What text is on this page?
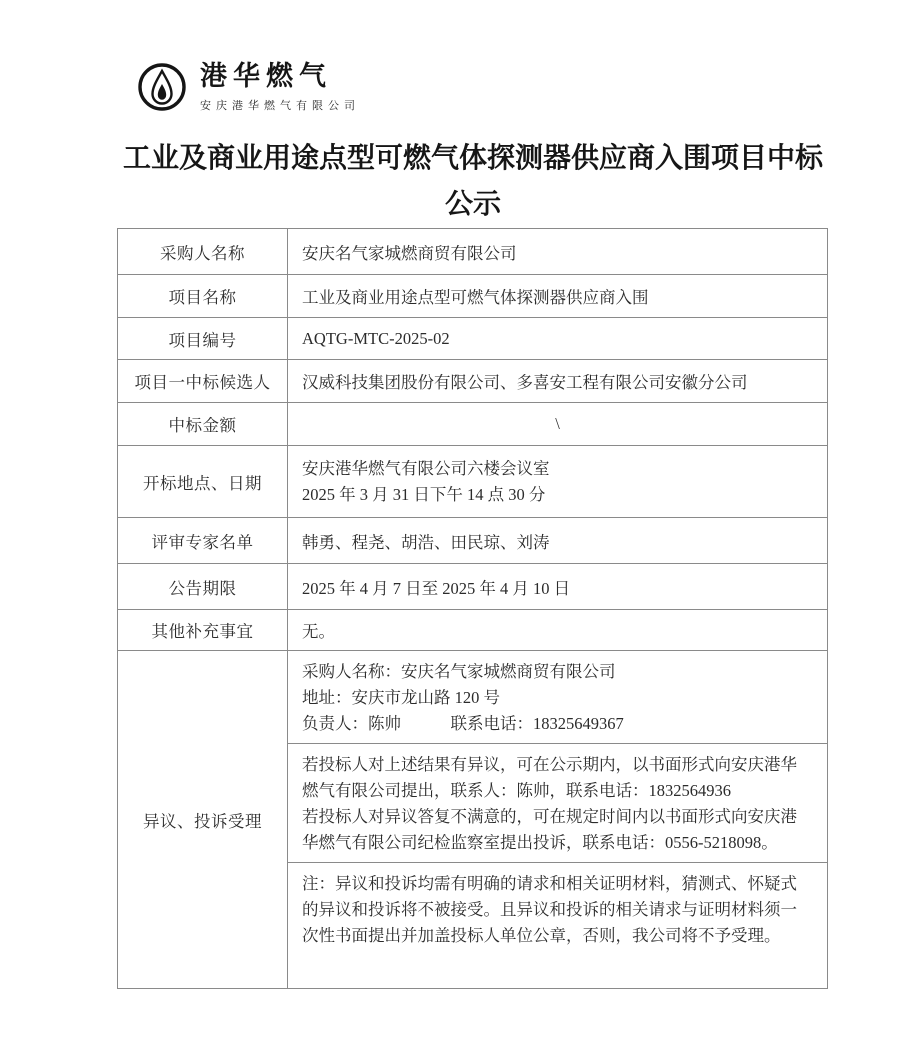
港华燃气
安庆港华燃气有限公司
工业及商业用途点型可燃气体探测器供应商入围项目中标公示
采购人名称	安庆名气家城燃商贸有限公司
项目名称	工业及商业用途点型可燃气体探测器供应商入围
项目编号	AQTG-MTC-2025-02
项目一中标候选人	汉威科技集团股份有限公司、多喜安工程有限公司安徽分公司
中标金额	\
开标地点、日期	安庆港华燃气有限公司六楼会议室
2025 年 3 月 31 日下午 14 点 30 分

评审专家名单	韩勇、程尧、胡浩、田民琼、刘涛
公告期限	2025 年 4 月 7 日至 2025 年 4 月 10 日
其他补充事宜	无。
异议、投诉受理	采购人名称：安庆名气家城燃商贸有限公司
地址：安庆市龙山路 120 号
负责人：陈帅　　　联系电话：18325649367

	若投标人对上述结果有异议，可在公示期内，以书面形式向安庆港华燃气有限公司提出，联系人：陈帅，联系电话：1832564936
若投标人对异议答复不满意的，可在规定时间内以书面形式向安庆港华燃气有限公司纪检监察室提出投诉，联系电话：0556-5218098。

	注：异议和投诉均需有明确的请求和相关证明材料，猜测式、怀疑式的异议和投诉将不被接受。且异议和投诉的相关请求与证明材料须一次性书面提出并加盖投标人单位公章，否则，我公司将不予受理。
